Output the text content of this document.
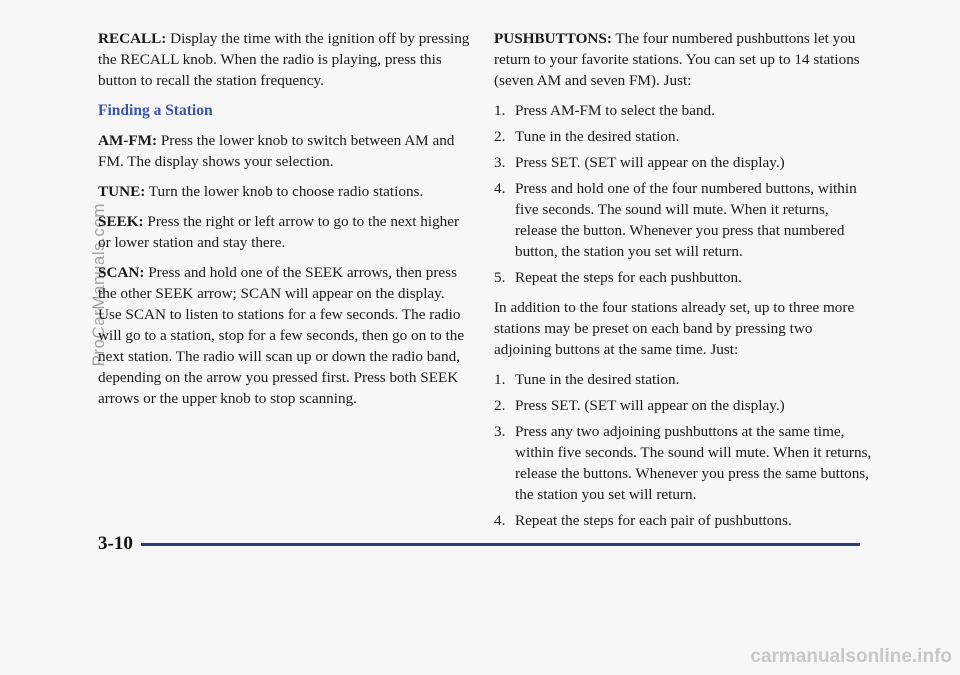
RECALL: Display the time with the ignition off by pressing the RECALL knob. When the radio is playing, press this button to recall the station frequency.

Finding a Station

AM-FM: Press the lower knob to switch between AM and FM. The display shows your selection.

TUNE: Turn the lower knob to choose radio stations.

SEEK: Press the right or left arrow to go to the next higher or lower station and stay there.

SCAN: Press and hold one of the SEEK arrows, then press the other SEEK arrow; SCAN will appear on the display. Use SCAN to listen to stations for a few seconds. The radio will go to a station, stop for a few seconds, then go on to the next station. The radio will scan up or down the radio band, depending on the arrow you pressed first. Press both SEEK arrows or the upper knob to stop scanning.

PUSHBUTTONS: The four numbered pushbuttons let you return to your favorite stations. You can set up to 14 stations (seven AM and seven FM). Just:

1. Press AM-FM to select the band.
2. Tune in the desired station.
3. Press SET. (SET will appear on the display.)
4. Press and hold one of the four numbered buttons, within five seconds. The sound will mute. When it returns, release the button. Whenever you press that numbered button, the station you set will return.
5. Repeat the steps for each pushbutton.

In addition to the four stations already set, up to three more stations may be preset on each band by pressing two adjoining buttons at the same time. Just:

1. Tune in the desired station.
2. Press SET. (SET will appear on the display.)
3. Press any two adjoining pushbuttons at the same time, within five seconds. The sound will mute. When it returns, release the buttons. Whenever you press the same buttons, the station you set will return.
4. Repeat the steps for each pair of pushbuttons.
3-10
ProCarManuals.com
carmanualsonline.info
